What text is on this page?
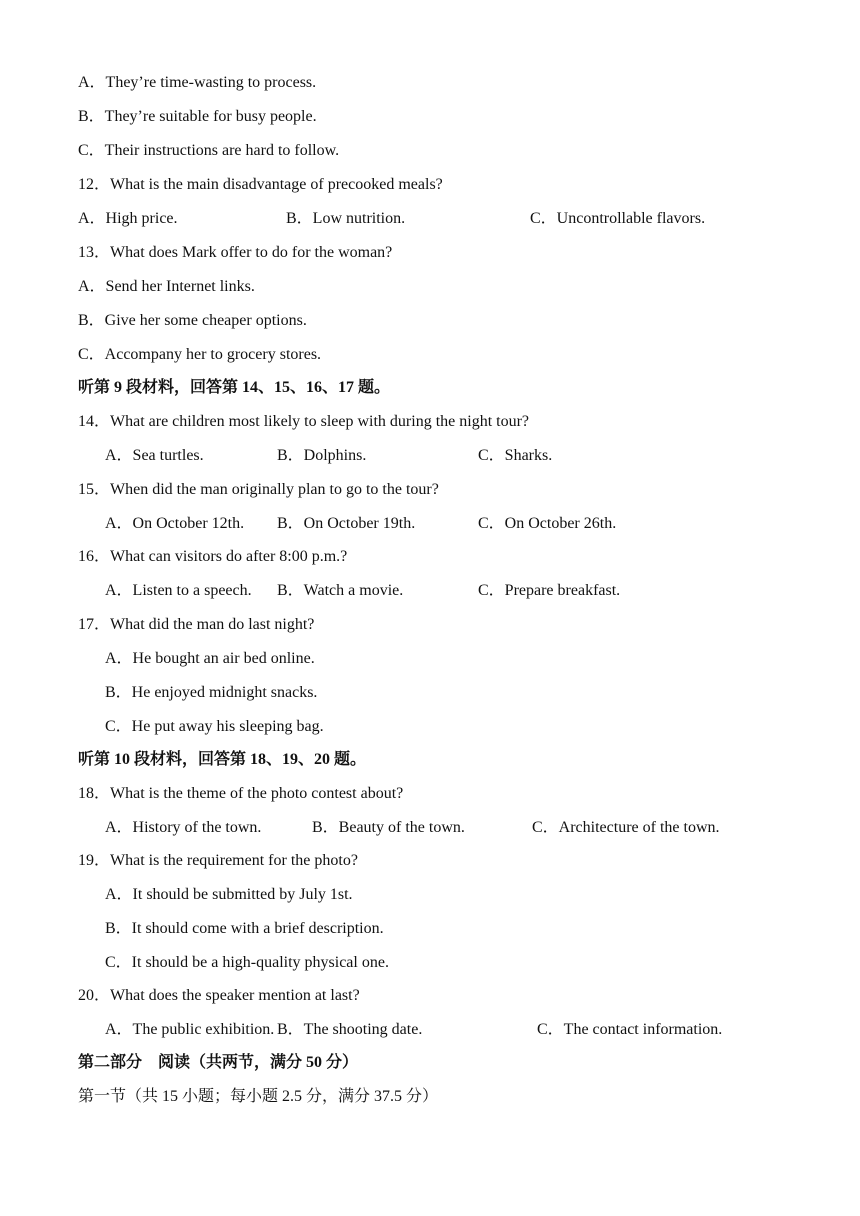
A．They’re time-wasting to process.
B．They’re suitable for busy people.
C．Their instructions are hard to follow.
12．What is the main disadvantage of precooked meals?
A．High price.	B．Low nutrition.	C．Uncontrollable flavors.
13．What does Mark offer to do for the woman?
A．Send her Internet links.
B．Give her some cheaper options.
C．Accompany her to grocery stores.
听第 9 段材料，回答第 14、15、16、17 题。
14．What are children most likely to sleep with during the night tour?
A．Sea turtles.	B．Dolphins.	C．Sharks.
15．When did the man originally plan to go to the tour?
A．On October 12th. B．On October 19th.	C．On October 26th.
16．What can visitors do after 8:00 p.m.?
A．Listen to a speech. B．Watch a movie.	C．Prepare breakfast.
17．What did the man do last night?
A．He bought an air bed online.
B．He enjoyed midnight snacks.
C．He put away his sleeping bag.
听第 10 段材料，回答第 18、19、20 题。
18．What is the theme of the photo contest about?
A．History of the town.	B．Beauty of the town.	C．Architecture of the town.
19．What is the requirement for the photo?
A．It should be submitted by July 1st.
B．It should come with a brief description.
C．It should be a high-quality physical one.
20．What does the speaker mention at last?
A．The public exhibition. B．The shooting date.	C．The contact information.
第二部分　阅读（共两节，满分 50 分）
第一节（共 15 小题；每小题 2.5 分，满分 37.5 分）
